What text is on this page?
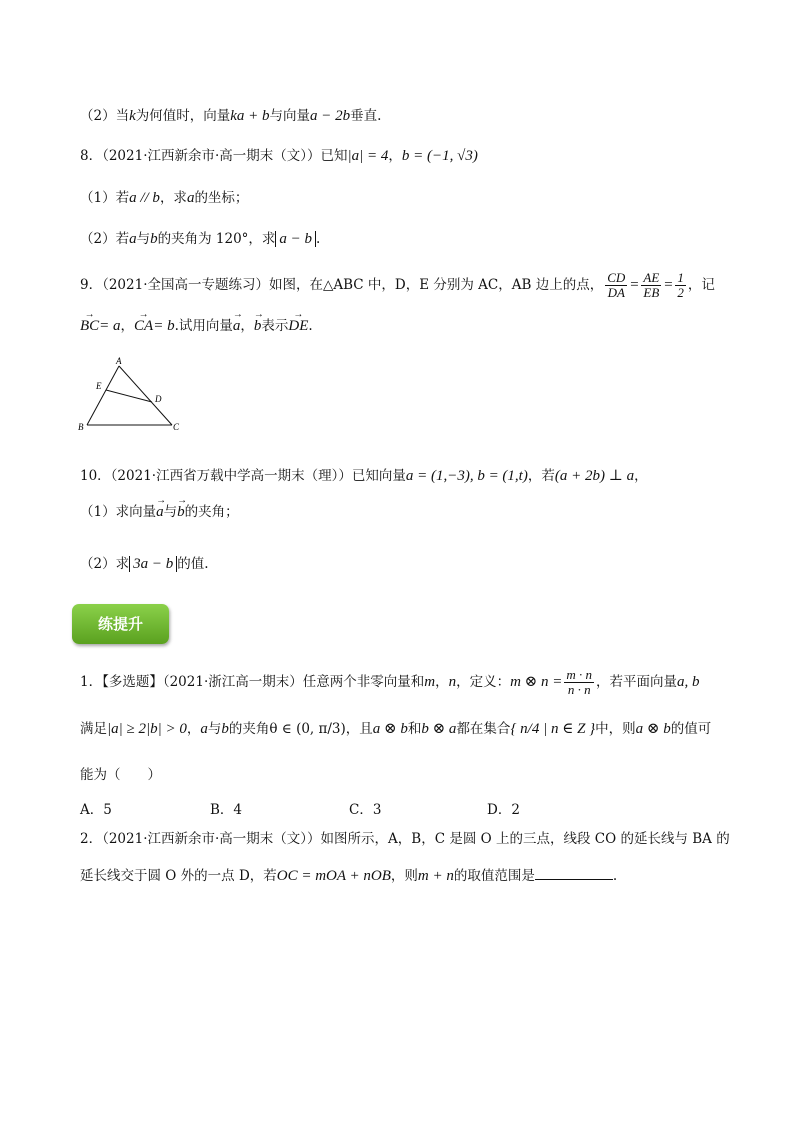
（2）当k为何值时，向量ka + b与向量a − 2b垂直.
8．（2021·江西新余市·高一期末（文））已知|a| = 4，b = (−1, √3)
（1）若a // b，求a的坐标；
（2）若a与b的夹角为 120°，求 a − b .
9．（2021·全国高一专题练习）如图，在△ABC 中，D，E 分别为 AC，AB 边上的点， $\frac{CD}{DA} = \frac{AE}{EB} = \frac{1}{2}$ ，记
→ BC= a，→ CA= b.试用向量→ a，→ b表示→ DE.
A
E
D
B	C
10．（2021·江西省万载中学高一期末（理））已知向量a = (1,−3), b = (1,t)，若(a + 2b) ⊥ a，
（1）求向量→ a与→ b的夹角；
（2）求 3a − b 的值.
练提升
1．【多选题】（2021·浙江高一期末）任意两个非零向量和m，n，定义：m ⊗ $n = \frac{m \cdot n}{n \cdot n}$ ，若平面向量a, b
满足|a| ≥ 2|b| > 0，a与b的夹角θ ∈ (0, π/3)，且a ⊗ b和b ⊗ a都在集合{ n/4 | n ∈ Z }中，则a ⊗ b的值可
能为（　　）
A．5	B．4	C．3	D．2
2．（2021·江西新余市·高一期末（文））如图所示，A，B，C 是圆 O 上的三点，线段 CO 的延长线与 BA 的
延长线交于圆 O 外的一点 D，若OC = mOA + nOB，则m + n的取值范围是	.
